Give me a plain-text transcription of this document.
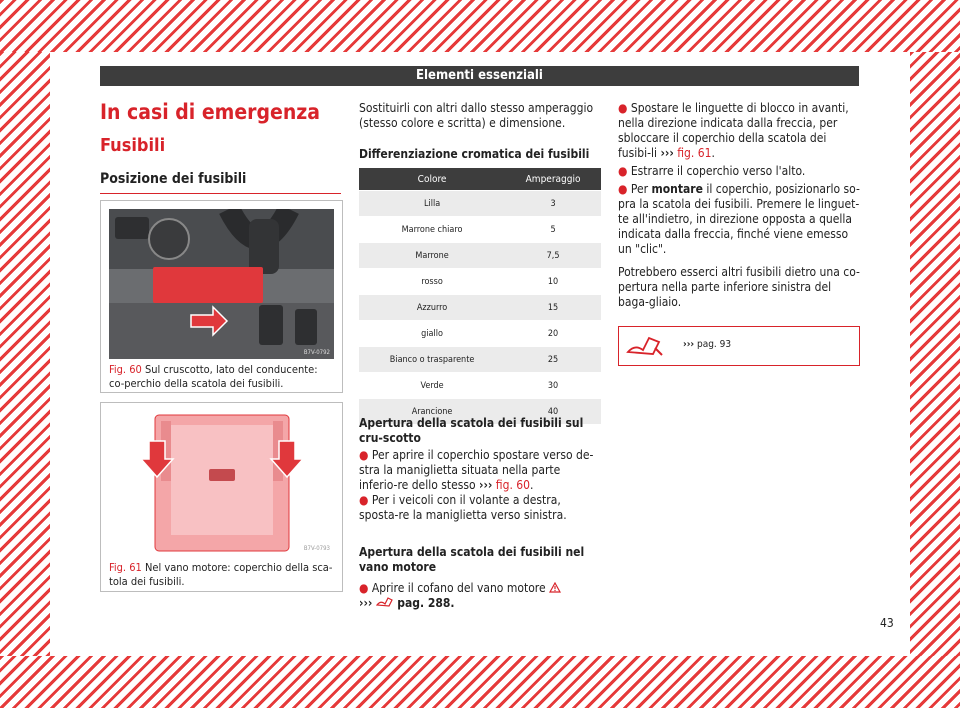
Elementi essenziali
In casi di emergenza
Fusibili
Posizione dei fusibili
B7V-0792
Fig. 60 Sul cruscotto, lato del conducente: co-perchio della scatola dei fusibili.
B7V-0793
Fig. 61 Nel vano motore: coperchio della sca-tola dei fusibili.
Sostituirli con altri dallo stesso amperaggio (stesso colore e scritta) e dimensione.
Differenziazione cromatica dei fusibili
Colore	Amperaggio
Lilla	3
Marrone chiaro	5
Marrone	7,5
rosso	10
Azzurro	15
giallo	20
Bianco o trasparente	25
Verde	30
Arancione	40
Apertura della scatola dei fusibili sul cru-scotto
● Per aprire il coperchio spostare verso de-stra la maniglietta situata nella parte inferio-re dello stesso ››› fig. 60.
● Per i veicoli con il volante a destra, sposta-re la maniglietta verso sinistra.
Apertura della scatola dei fusibili nel vano motore
● Aprire il cofano del vano motore
››› pag. 288.
● Spostare le linguette di blocco in avanti, nella direzione indicata dalla freccia, per sbloccare il coperchio della scatola dei fusibi-li ››› fig. 61.
● Estrarre il coperchio verso l'alto.
● Per montare il coperchio, posizionarlo so-pra la scatola dei fusibili. Premere le linguet-te all'indietro, in direzione opposta a quella indicata dalla freccia, finché viene emesso un "clic".
Potrebbero esserci altri fusibili dietro una co-pertura nella parte inferiore sinistra del baga-gliaio.
››› pag. 93
43
